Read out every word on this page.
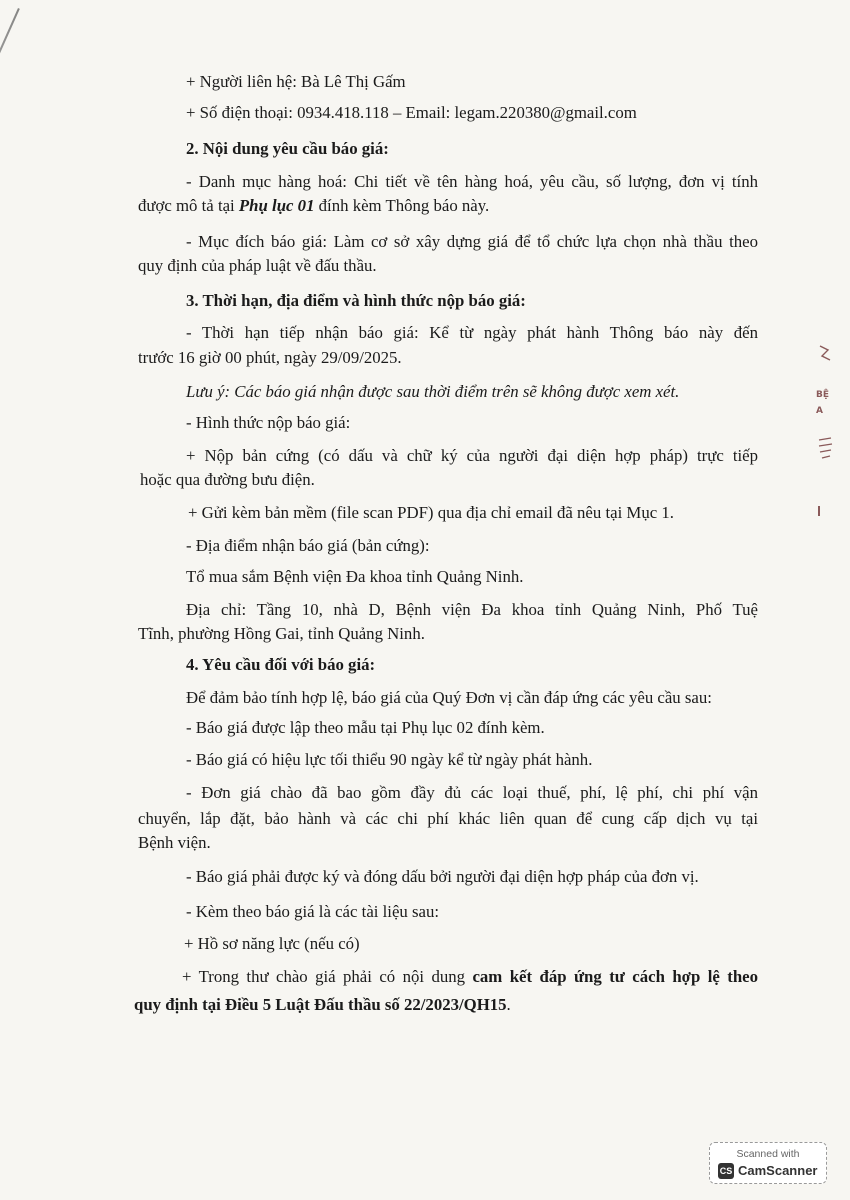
+ Người liên hệ: Bà Lê Thị Gấm
+ Số điện thoại: 0934.418.118 – Email: legam.220380@gmail.com
2. Nội dung yêu cầu báo giá:
- Danh mục hàng hoá: Chi tiết về tên hàng hoá, yêu cầu, số lượng, đơn vị tính
được mô tả tại Phụ lục 01 đính kèm Thông báo này.
- Mục đích báo giá: Làm cơ sở xây dựng giá để tổ chức lựa chọn nhà thầu theo
quy định của pháp luật về đấu thầu.
3. Thời hạn, địa điểm và hình thức nộp báo giá:
- Thời hạn tiếp nhận báo giá: Kể từ ngày phát hành Thông báo này đến
trước 16 giờ 00 phút, ngày 29/09/2025.
Lưu ý: Các báo giá nhận được sau thời điểm trên sẽ không được xem xét.
- Hình thức nộp báo giá:
+ Nộp bản cứng (có dấu và chữ ký của người đại diện hợp pháp) trực tiếp
hoặc qua đường bưu điện.
+ Gửi kèm bản mềm (file scan PDF) qua địa chỉ email đã nêu tại Mục 1.
- Địa điểm nhận báo giá (bản cứng):
Tổ mua sắm Bệnh viện Đa khoa tỉnh Quảng Ninh.
Địa chỉ: Tầng 10, nhà D, Bệnh viện Đa khoa tỉnh Quảng Ninh, Phố Tuệ
Tĩnh, phường Hồng Gai, tỉnh Quảng Ninh.
4. Yêu cầu đối với báo giá:
Để đảm bảo tính hợp lệ, báo giá của Quý Đơn vị cần đáp ứng các yêu cầu sau:
- Báo giá được lập theo mẫu tại Phụ lục 02 đính kèm.
- Báo giá có hiệu lực tối thiểu 90 ngày kể từ ngày phát hành.
- Đơn giá chào đã bao gồm đầy đủ các loại thuế, phí, lệ phí, chi phí vận
chuyển, lắp đặt, bảo hành và các chi phí khác liên quan để cung cấp dịch vụ tại
Bệnh viện.
- Báo giá phải được ký và đóng dấu bởi người đại diện hợp pháp của đơn vị.
- Kèm theo báo giá là các tài liệu sau:
+ Hồ sơ năng lực (nếu có)
+ Trong thư chào giá phải có nội dung cam kết đáp ứng tư cách hợp lệ theo
quy định tại Điều 5 Luật Đấu thầu số 22/2023/QH15.
BỆ
A
Scanned with
CS CamScanner
